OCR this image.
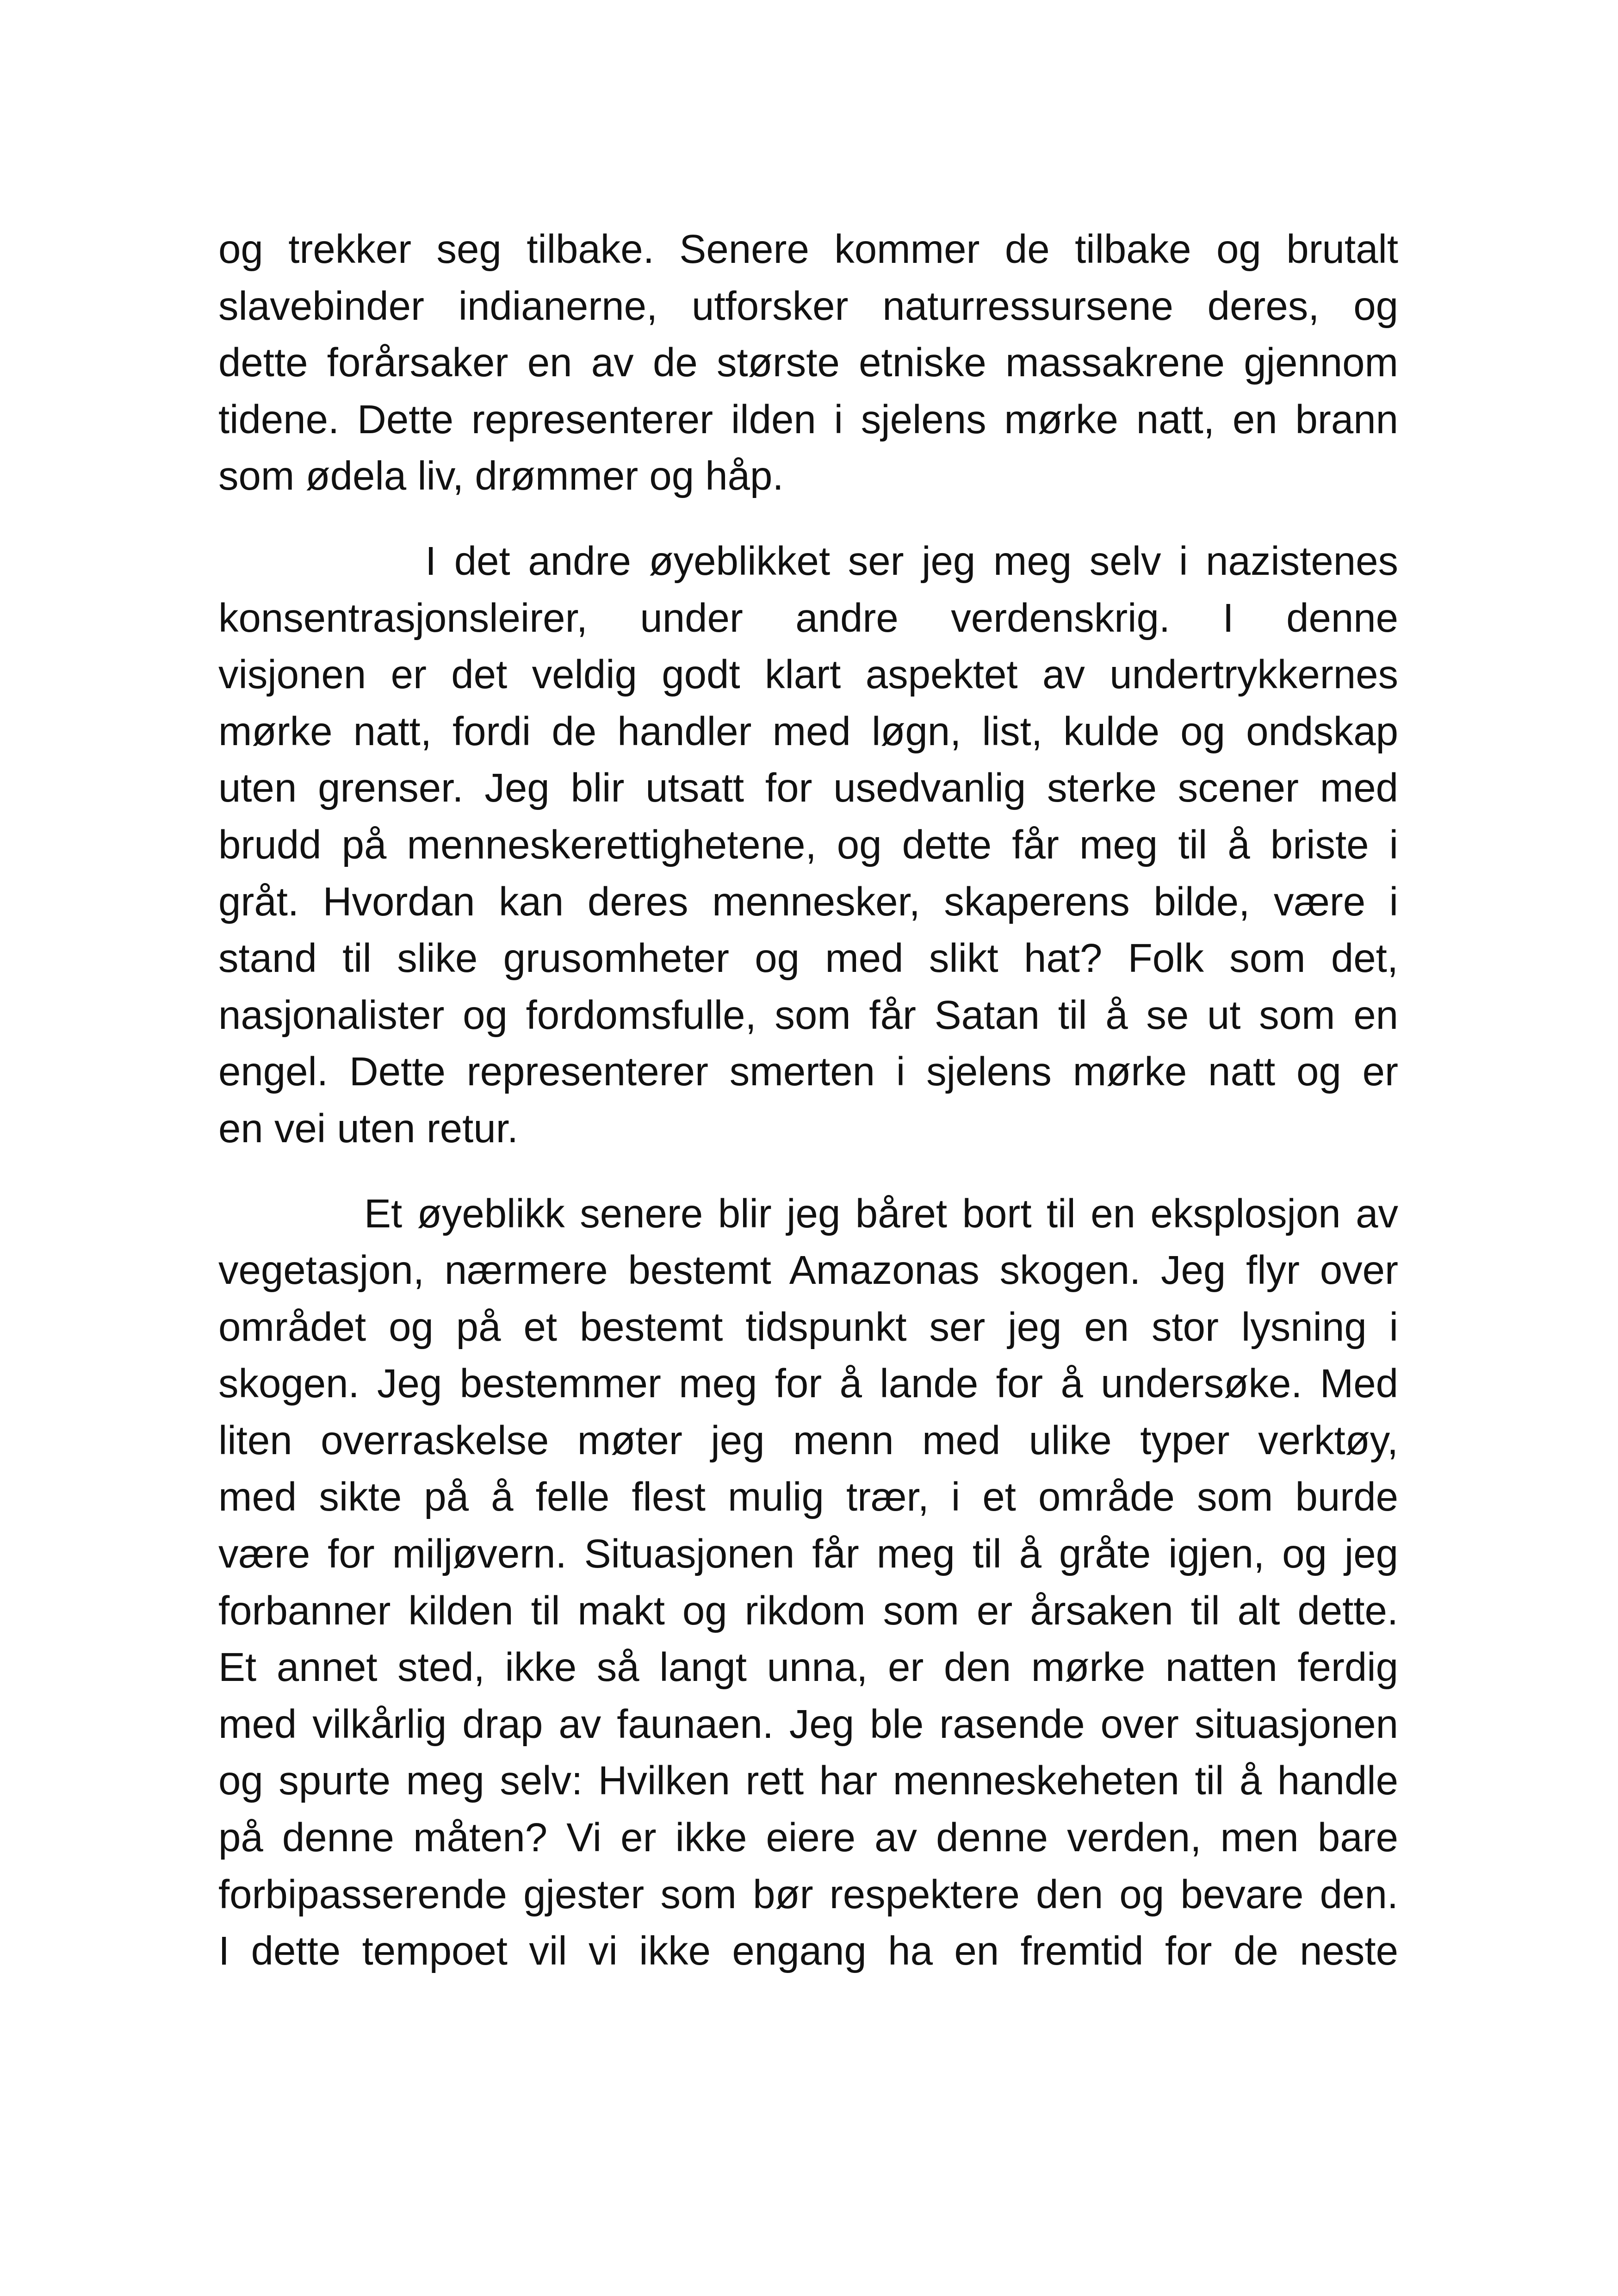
og trekker seg tilbake. Senere kommer de tilbake og brutalt
slavebinder indianerne, utforsker naturressursene deres, og
dette forårsaker en av de største etniske massakrene gjennom
tidene. Dette representerer ilden i sjelens mørke natt, en brann
som ødela liv, drømmer og håp.
I det andre øyeblikket ser jeg meg selv i nazistenes
konsentrasjonsleirer, under andre verdenskrig. I denne
visjonen er det veldig godt klart aspektet av undertrykkernes
mørke natt, fordi de handler med løgn, list, kulde og ondskap
uten grenser. Jeg blir utsatt for usedvanlig sterke scener med
brudd på menneskerettighetene, og dette får meg til å briste i
gråt. Hvordan kan deres mennesker, skaperens bilde, være i
stand til slike grusomheter og med slikt hat? Folk som det,
nasjonalister og fordomsfulle, som får Satan til å se ut som en
engel. Dette representerer smerten i sjelens mørke natt og er
en vei uten retur.
Et øyeblikk senere blir jeg båret bort til en eksplosjon av
vegetasjon, nærmere bestemt Amazonas skogen. Jeg flyr over
området og på et bestemt tidspunkt ser jeg en stor lysning i
skogen. Jeg bestemmer meg for å lande for å undersøke. Med
liten overraskelse møter jeg menn med ulike typer verktøy,
med sikte på å felle flest mulig trær, i et område som burde
være for miljøvern. Situasjonen får meg til å gråte igjen, og jeg
forbanner kilden til makt og rikdom som er årsaken til alt dette.
Et annet sted, ikke så langt unna, er den mørke natten ferdig
med vilkårlig drap av faunaen. Jeg ble rasende over situasjonen
og spurte meg selv: Hvilken rett har menneskeheten til å handle
på denne måten? Vi er ikke eiere av denne verden, men bare
forbipasserende gjester som bør respektere den og bevare den.
I dette tempoet vil vi ikke engang ha en fremtid for de neste
